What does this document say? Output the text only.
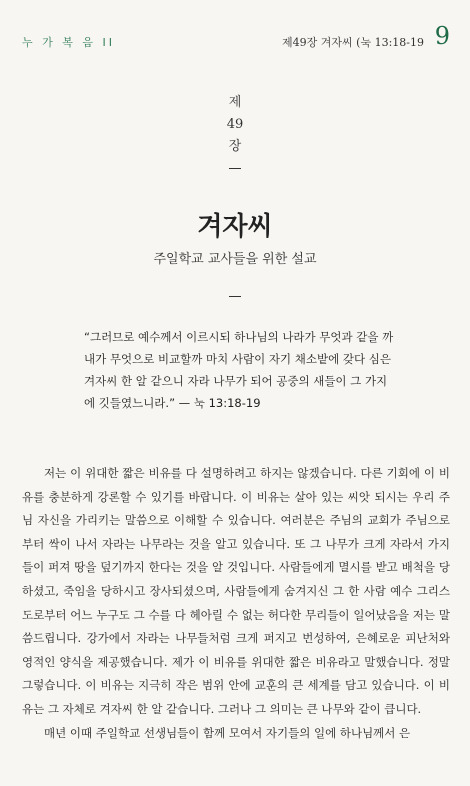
누 가 복 음 II	제49장 겨자씨 (눅 13:18-19 9
제
49
장
겨자씨
주일학교 교사들을 위한 설교
“그러므로 예수께서 이르시되 하나님의 나라가 무엇과 같을 까 내가 무엇으로 비교할까 마치 사람이 자기 채소밭에 갖다 심은 겨자씨 한 알 같으니 자라 나무가 되어 공중의 새들이 그 가지에 깃들였느니라.” — 눅 13:18-19

저는 이 위대한 짧은 비유를 다 설명하려고 하지는 않겠습니다. 다른 기회에 이 비유를 충분하게 강론할 수 있기를 바랍니다. 이 비유는 살아 있는 씨앗 되시는 우리 주님 자신을 가리키는 말씀으로 이해할 수 있습니다. 여러분은 주님의 교회가 주님으로부터 싹이 나서 자라는 나무라는 것을 알고 있습니다. 또 그 나무가 크게 자라서 가지들이 퍼져 땅을 덮기까지 한다는 것을 알 것입니다. 사람들에게 멸시를 받고 배척을 당하셨고, 죽임을 당하시고 장사되셨으며, 사람들에게 숨겨지신 그 한 사람 예수 그리스도로부터 어느 누구도 그 수를 다 헤아릴 수 없는 허다한 무리들이 일어났음을 저는 말씀드립니다. 강가에서 자라는 나무들처럼 크게 퍼지고 번성하여, 은혜로운 피난처와 영적인 양식을 제공했습니다. 제가 이 비유를 위대한 짧은 비유라고 말했습니다. 정말 그렇습니다. 이 비유는 지극히 작은 범위 안에 교훈의 큰 세계를 담고 있습니다. 이 비유는 그 자체로 겨자씨 한 알 같습니다. 그러나 그 의미는 큰 나무와 같이 큽니다.

매년 이때 주일학교 선생님들이 함께 모여서 자기들의 일에 하나님께서 은
